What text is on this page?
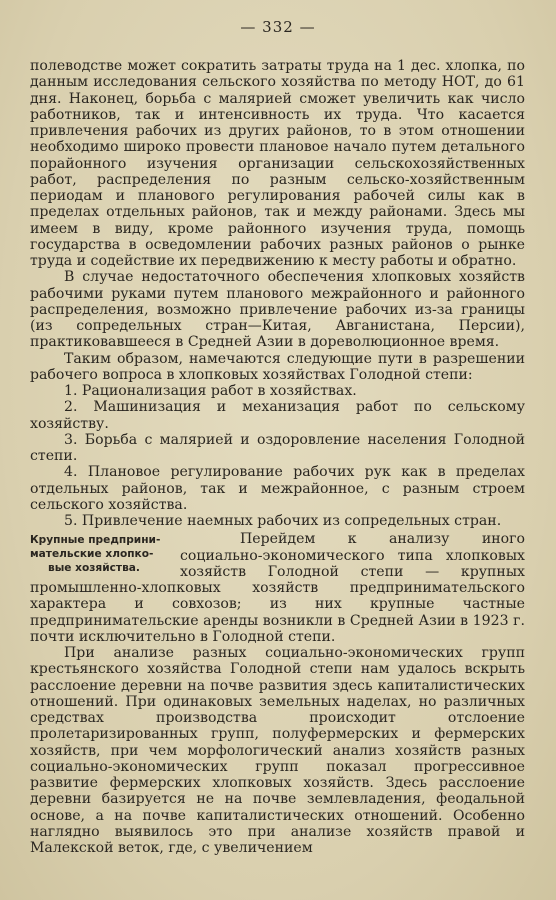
— 332 —

полеводстве может сократить затраты труда на 1 дес. хлопка, по данным исследования сельского хозяйства по методу НОТ, до 61 дня. Наконец, борьба с малярией сможет увеличить как число работников, так и интенсивность их труда. Что касается привлечения рабочих из других районов, то в этом отношении необходимо широко провести плановое начало путем детального порайонного изучения организации сельскохозяйственных работ, распределения по разным сельско-хозяйственным периодам и планового регулирования рабочей силы как в пределах отдельных районов, так и между районами. Здесь мы имеем в виду, кроме районного изучения труда, помощь государства в осведомлении рабочих разных районов о рынке труда и содействие их передвижению к месту работы и обратно.

В случае недостаточного обеспечения хлопковых хозяйств рабочими руками путем планового межрайонного и районного распределения, возможно привлечение рабочих из-за границы (из сопредельных стран—Китая, Авганистана, Персии), практиковавшееся в Средней Азии в дореволюционное время.

Таким образом, намечаются следующие пути в разрешении рабочего вопроса в хлопковых хозяйствах Голодной степи:

1. Рационализация работ в хозяйствах.

2. Машинизация и механизация работ по сельскому хозяйству.

3. Борьба с малярией и оздоровление населения Голодной степи.

4. Плановое регулирование рабочих рук как в пределах отдельных районов, так и межрайонное, с разным строем сельского хозяйства.

5. Привлечение наемных рабочих из сопредельных стран.

Крупные предприни-
мательские хлопко-
вые хозяйства.

Перейдем к анализу иного социально-экономического типа хлопковых хозяйств Голодной степи — крупных промышленно-хлопковых хозяйств предпринимательского характера и совхозов; из них крупные частные предпринимательские аренды возникли в Средней Азии в 1923 г. почти исключительно в Голодной степи.

При анализе разных социально-экономических групп крестьянского хозяйства Голодной степи нам удалось вскрыть расслоение деревни на почве развития здесь капиталистических отношений. При одинаковых земельных наделах, но различных средствах производства происходит отслоение пролетаризированных групп, полуфермерских и фермерских хозяйств, при чем морфологический анализ хозяйств разных социально-экономических групп показал прогрессивное развитие фермерских хлопковых хозяйств. Здесь расслоение деревни базируется не на почве землевладения, феодальной основе, а на почве капиталистических отношений. Особенно наглядно выявилось это при анализе хозяйств правой и Малекской веток, где, с увеличением
